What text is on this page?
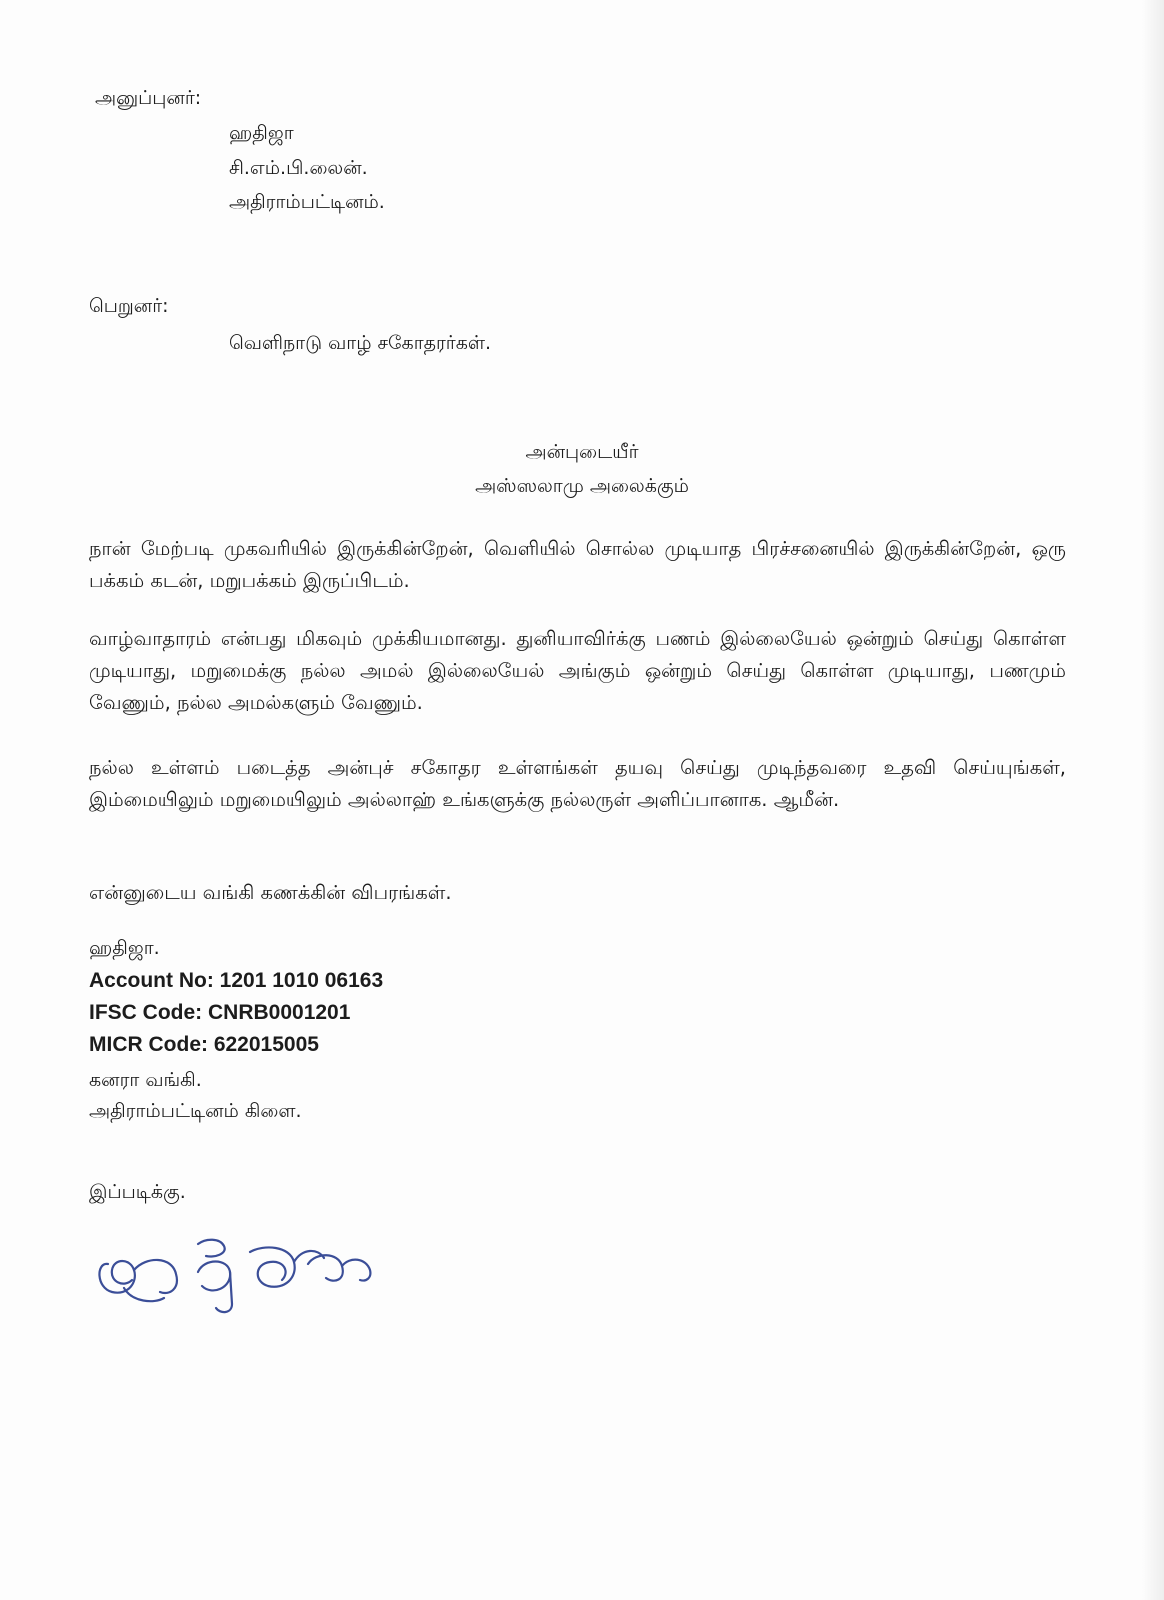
அனுப்புனர்:
ஹதிஜா
சி.எம்.பி.லைன்.
அதிராம்பட்டினம்.
பெறுனர்:
வெளிநாடு வாழ் சகோதரர்கள்.
அன்புடையீர்
அஸ்ஸலாமு அலைக்கும்
நான் மேற்படி முகவரியில் இருக்கின்றேன், வெளியில் சொல்ல முடியாத பிரச்சனையில் இருக்கின்றேன், ஒரு பக்கம் கடன், மறுபக்கம் இருப்பிடம்.
வாழ்வாதாரம் என்பது மிகவும் முக்கியமானது. துனியாவிர்க்கு பணம் இல்லையேல் ஒன்றும் செய்து கொள்ள முடியாது, மறுமைக்கு நல்ல அமல் இல்லையேல் அங்கும் ஒன்றும் செய்து கொள்ள முடியாது, பணமும் வேணும், நல்ல அமல்களும் வேணும்.
நல்ல உள்ளம் படைத்த அன்புச் சகோதர உள்ளங்கள் தயவு செய்து முடிந்தவரை உதவி செய்யுங்கள், இம்மையிலும் மறுமையிலும் அல்லாஹ் உங்களுக்கு நல்லருள் அளிப்பானாக. ஆமீன்.
என்னுடைய வங்கி கணக்கின் விபரங்கள்.
ஹதிஜா.
Account No: 1201 1010 06163
IFSC Code: CNRB0001201
MICR Code: 622015005
கனரா வங்கி.
அதிராம்பட்டினம் கிளை.
இப்படிக்கு.
